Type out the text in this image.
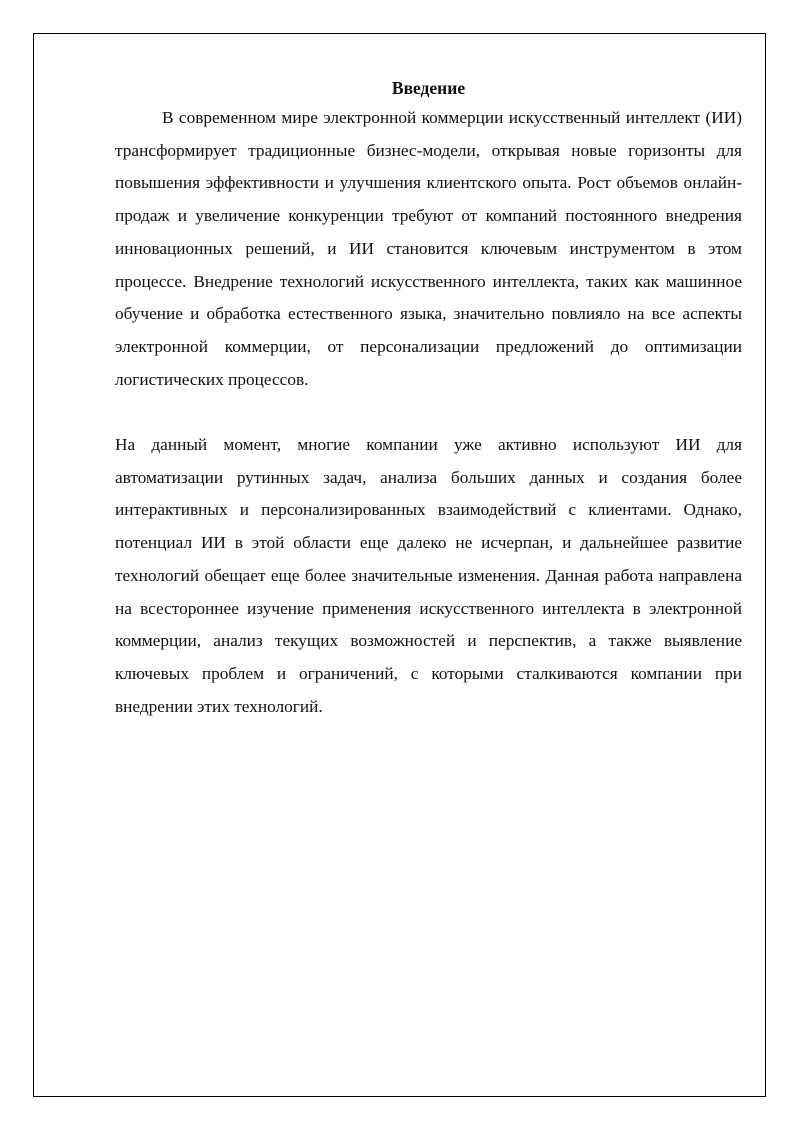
Введение

В современном мире электронной коммерции искусственный интеллект (ИИ) трансформирует традиционные бизнес-модели, открывая новые горизонты для повышения эффективности и улучшения клиентского опыта. Рост объемов онлайн-продаж и увеличение конкуренции требуют от компаний постоянного внедрения инновационных решений, и ИИ становится ключевым инструментом в этом процессе. Внедрение технологий искусственного интеллекта, таких как машинное обучение и обработка естественного языка, значительно повлияло на все аспекты электронной коммерции, от персонализации предложений до оптимизации логистических процессов.

На данный момент, многие компании уже активно используют ИИ для автоматизации рутинных задач, анализа больших данных и создания более интерактивных и персонализированных взаимодействий с клиентами. Однако, потенциал ИИ в этой области еще далеко не исчерпан, и дальнейшее развитие технологий обещает еще более значительные изменения. Данная работа направлена на всестороннее изучение применения искусственного интеллекта в электронной коммерции, анализ текущих возможностей и перспектив, а также выявление ключевых проблем и ограничений, с которыми сталкиваются компании при внедрении этих технологий.
